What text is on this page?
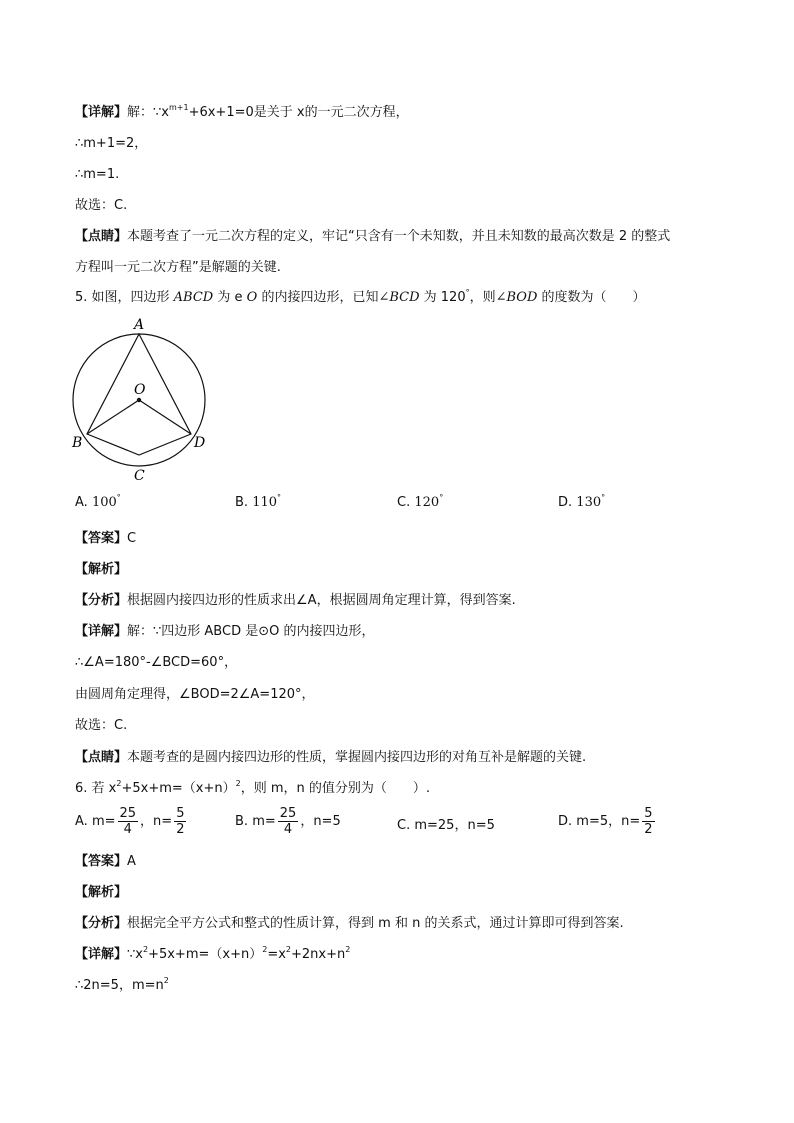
【详解】解：$\because x^{m+1}+6x+1=0$是关于 x的一元二次方程，
∴m+1=2，
∴m=1.
故选：C.
【点睛】本题考查了一元二次方程的定义，牢记“只含有一个未知数，并且未知数的最高次数是 2 的整式
方程叫一元二次方程”是解题的关键.
5. 如图，四边形 ABCD 为 e O 的内接四边形，已知∠BCD 为 120°，则∠BOD 的度数为（　　）
A
O
B
C
D
A. 100°	B. 110°	C. 120°	D. 130°
【答案】C
【解析】
【分析】根据圆内接四边形的性质求出∠A，根据圆周角定理计算，得到答案.
【详解】解：∵四边形 ABCD 是⊙O 的内接四边形，
∴∠A=180°-∠BCD=60°，
由圆周角定理得，∠BOD=2∠A=120°，
故选：C.
【点睛】本题考查的是圆内接四边形的性质，掌握圆内接四边形的对角互补是解题的关键.
6. 若 $x^2+5x+m=(x+n)^2$，则 m，n 的值分别为（　　）.
A. $m= \frac{25}{4}$ ，$n= \frac{5}{2}$	B. $m= \frac{25}{4}$ ，n=5	C. m=25，n=5	D. m=5，$n= \frac{5}{2}$
【答案】A
【解析】
【分析】根据完全平方公式和整式的性质计算，得到 m 和 n 的关系式，通过计算即可得到答案.
【详解】$\because x^2+5x+m=(x+n)^2=x^2+2nx+n^2$
∴2n=5，$m=n^2$
